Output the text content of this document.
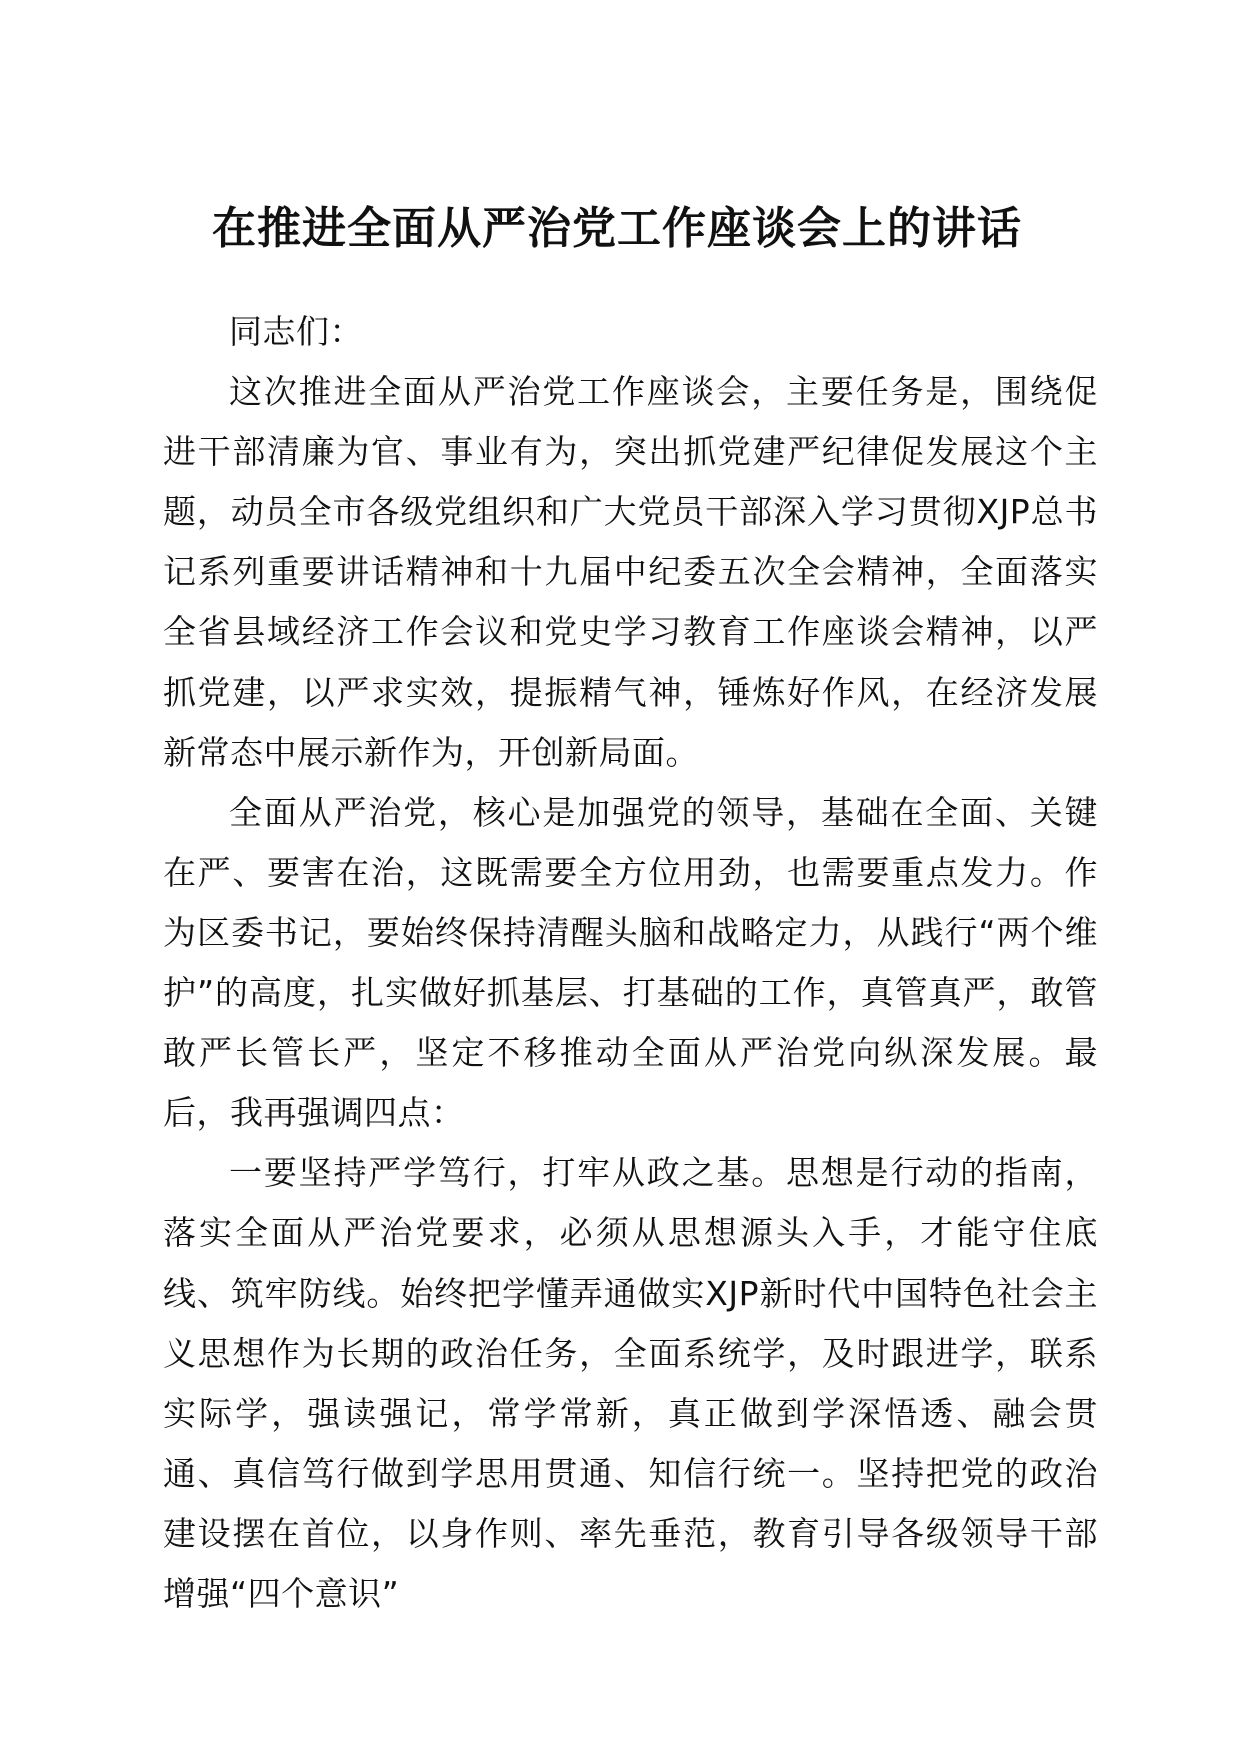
在推进全面从严治党工作座谈会上的讲话

同志们：

这次推进全面从严治党工作座谈会，主要任务是，围绕促进干部清廉为官、事业有为，突出抓党建严纪律促发展这个主题，动员全市各级党组织和广大党员干部深入学习贯彻XJP总书记系列重要讲话精神和十九届中纪委五次全会精神，全面落实全省县域经济工作会议和党史学习教育工作座谈会精神，以严抓党建，以严求实效，提振精气神，锤炼好作风，在经济发展新常态中展示新作为，开创新局面。

全面从严治党，核心是加强党的领导，基础在全面、关键在严、要害在治，这既需要全方位用劲，也需要重点发力。作为区委书记，要始终保持清醒头脑和战略定力，从践行“两个维护”的高度，扎实做好抓基层、打基础的工作，真管真严，敢管敢严长管长严，坚定不移推动全面从严治党向纵深发展。最后，我再强调四点：

一要坚持严学笃行，打牢从政之基。思想是行动的指南，落实全面从严治党要求，必须从思想源头入手，才能守住底线、筑牢防线。始终把学懂弄通做实XJP新时代中国特色社会主义思想作为长期的政治任务，全面系统学，及时跟进学，联系实际学，强读强记，常学常新，真正做到学深悟透、融会贯通、真信笃行做到学思用贯通、知信行统一。坚持把党的政治建设摆在首位，以身作则、率先垂范，教育引导各级领导干部增强“四个意识”
